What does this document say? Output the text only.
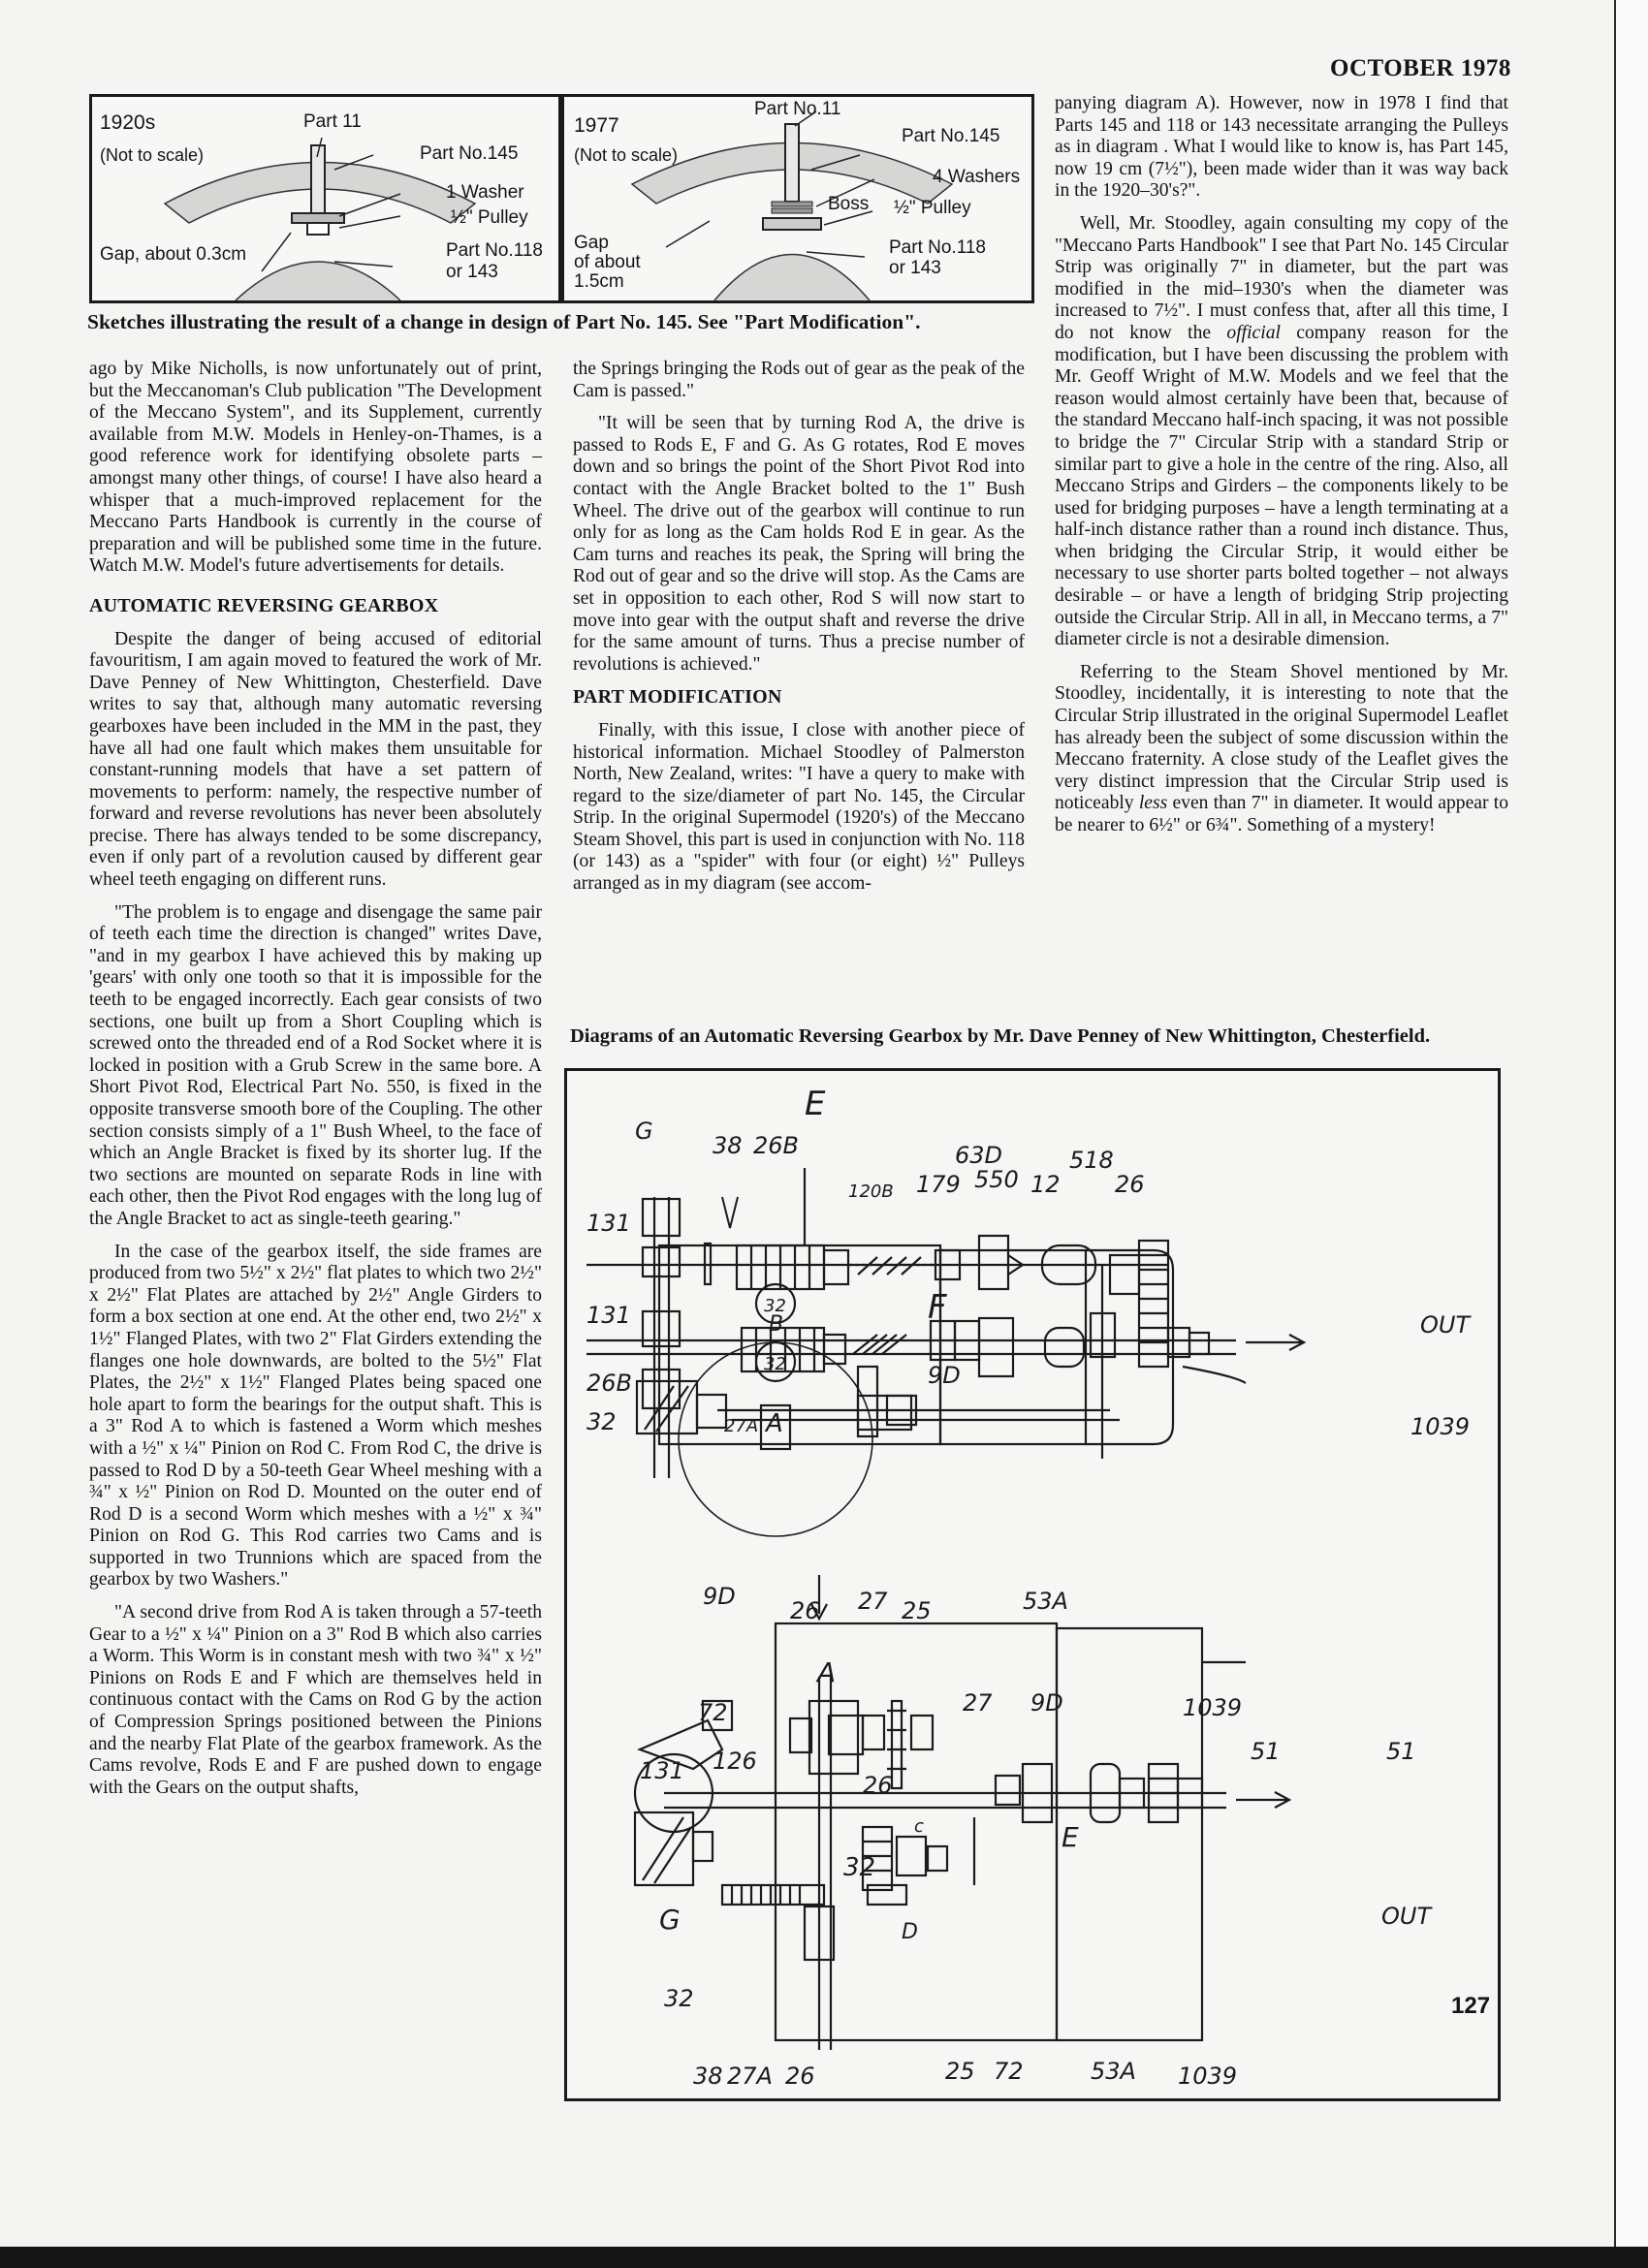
OCTOBER 1978
1920s
(Not to scale)
Part 11
Part No.145
1 Washer
½" Pulley
Gap, about 0.3cm	Part No.118
or 143
1977
(Not to scale)
Part No.11
Part No.145
4 Washers
Boss ½" Pulley
Gap
of about
1.5cm
Part No.118
or 143
Sketches illustrating the result of a change in design of Part No. 145. See "Part Modification".

ago by Mike Nicholls, is now unfortunately out of print, but the Meccanoman's Club publication "The Development of the Meccano System", and its Supplement, currently available from M.W. Models in Henley-on-Thames, is a good reference work for identifying obsolete parts – amongst many other things, of course! I have also heard a whisper that a much-improved replacement for the Meccano Parts Handbook is currently in the course of preparation and will be published some time in the future. Watch M.W. Model's future advertisements for details.

AUTOMATIC REVERSING GEARBOX

Despite the danger of being accused of editorial favouritism, I am again moved to featured the work of Mr. Dave Penney of New Whittington, Chesterfield. Dave writes to say that, although many automatic reversing gearboxes have been included in the MM in the past, they have all had one fault which makes them unsuitable for constant-running models that have a set pattern of movements to perform: namely, the respective number of forward and reverse revolutions has never been absolutely precise. There has always tended to be some discrepancy, even if only part of a revolution caused by different gear wheel teeth engaging on different runs.

"The problem is to engage and disengage the same pair of teeth each time the direction is changed" writes Dave, "and in my gearbox I have achieved this by making up 'gears' with only one tooth so that it is impossible for the teeth to be engaged incorrectly. Each gear consists of two sections, one built up from a Short Coupling which is screwed onto the threaded end of a Rod Socket where it is locked in position with a Grub Screw in the same bore. A Short Pivot Rod, Electrical Part No. 550, is fixed in the opposite transverse smooth bore of the Coupling. The other section consists simply of a 1" Bush Wheel, to the face of which an Angle Bracket is fixed by its shorter lug. If the two sections are mounted on separate Rods in line with each other, then the Pivot Rod engages with the long lug of the Angle Bracket to act as single-teeth gearing."

In the case of the gearbox itself, the side frames are produced from two 5½" x 2½" flat plates to which two 2½" x 2½" Flat Plates are attached by 2½" Angle Girders to form a box section at one end. At the other end, two 2½" x 1½" Flanged Plates, with two 2" Flat Girders extending the flanges one hole downwards, are bolted to the 5½" Flat Plates, the 2½" x 1½" Flanged Plates being spaced one hole apart to form the bearings for the output shaft. This is a 3" Rod A to which is fastened a Worm which meshes with a ½" x ¼" Pinion on Rod C. From Rod C, the drive is passed to Rod D by a 50-teeth Gear Wheel meshing with a ¾" x ½" Pinion on Rod D. Mounted on the outer end of Rod D is a second Worm which meshes with a ½" x ¾" Pinion on Rod G. This Rod carries two Cams and is supported in two Trunnions which are spaced from the gearbox by two Washers."

"A second drive from Rod A is taken through a 57-teeth Gear to a ½" x ¼" Pinion on a 3" Rod B which also carries a Worm. This Worm is in constant mesh with two ¾" x ½" Pinions on Rods E and F which are themselves held in continuous contact with the Cams on Rod G by the action of Compression Springs positioned between the Pinions and the nearby Flat Plate of the gearbox framework. As the Cams revolve, Rods E and F are pushed down to engage with the Gears on the output shafts,

the Springs bringing the Rods out of gear as the peak of the Cam is passed."

"It will be seen that by turning Rod A, the drive is passed to Rods E, F and G. As G rotates, Rod E moves down and so brings the point of the Short Pivot Rod into contact with the Angle Bracket bolted to the 1" Bush Wheel. The drive out of the gearbox will continue to run only for as long as the Cam holds Rod E in gear. As the Cam turns and reaches its peak, the Spring will bring the Rod out of gear and so the drive will stop. As the Cams are set in opposition to each other, Rod S will now start to move into gear with the output shaft and reverse the drive for the same amount of turns. Thus a precise number of revolutions is achieved."

PART MODIFICATION

Finally, with this issue, I close with another piece of historical information. Michael Stoodley of Palmerston North, New Zealand, writes: "I have a query to make with regard to the size/diameter of part No. 145, the Circular Strip. In the original Supermodel (1920's) of the Meccano Steam Shovel, this part is used in conjunction with No. 118 (or 143) as a "spider" with four (or eight) ½" Pulleys arranged as in my diagram (see accom-

panying diagram A). However, now in 1978 I find that Parts 145 and 118 or 143 necessitate arranging the Pulleys as in diagram . What I would like to know is, has Part 145, now 19 cm (7½"), been made wider than it was way back in the 1920–30's?".

Well, Mr. Stoodley, again consulting my copy of the "Meccano Parts Handbook" I see that Part No. 145 Circular Strip was originally 7" in diameter, but the part was modified in the mid–1930's when the diameter was increased to 7½". I must confess that, after all this time, I do not know the official company reason for the modification, but I have been discussing the problem with Mr. Geoff Wright of M.W. Models and we feel that the reason would almost certainly have been that, because of the standard Meccano half-inch spacing, it was not possible to bridge the 7" Circular Strip with a standard Strip or similar part to give a hole in the centre of the ring. Also, all Meccano Strips and Girders – the components likely to be used for bridging purposes – have a length terminating at a half-inch distance rather than a round inch distance. Thus, when bridging the Circular Strip, it would either be necessary to use shorter parts bolted together – not always desirable – or have a length of bridging Strip projecting outside the Circular Strip. All in all, in Meccano terms, a 7" diameter circle is not a desirable dimension.

Referring to the Steam Shovel mentioned by Mr. Stoodley, incidentally, it is interesting to note that the Circular Strip illustrated in the original Supermodel Leaflet has already been the subject of some discussion within the Meccano fraternity. A close study of the Leaflet gives the very distinct impression that the Circular Strip used is noticeably less even than 7" in diameter. It would appear to be nearer to 6½" or 6¾". Something of a mystery!

Diagrams of an Automatic Reversing Gearbox by Mr. Dave Penney of New Whittington, Chesterfield.
G
E
38 26B
120B 179
63D
550 12
518
26
131
131
26B
32
32
32
B	F
9D
27A A	1039
OUT
9D
26 27 25	53A
A
72	27 9D	1039
131 126
26
32
c	E
51	51
G	D
OUT
32
38 27A 26	25 72	53A 1039
127
